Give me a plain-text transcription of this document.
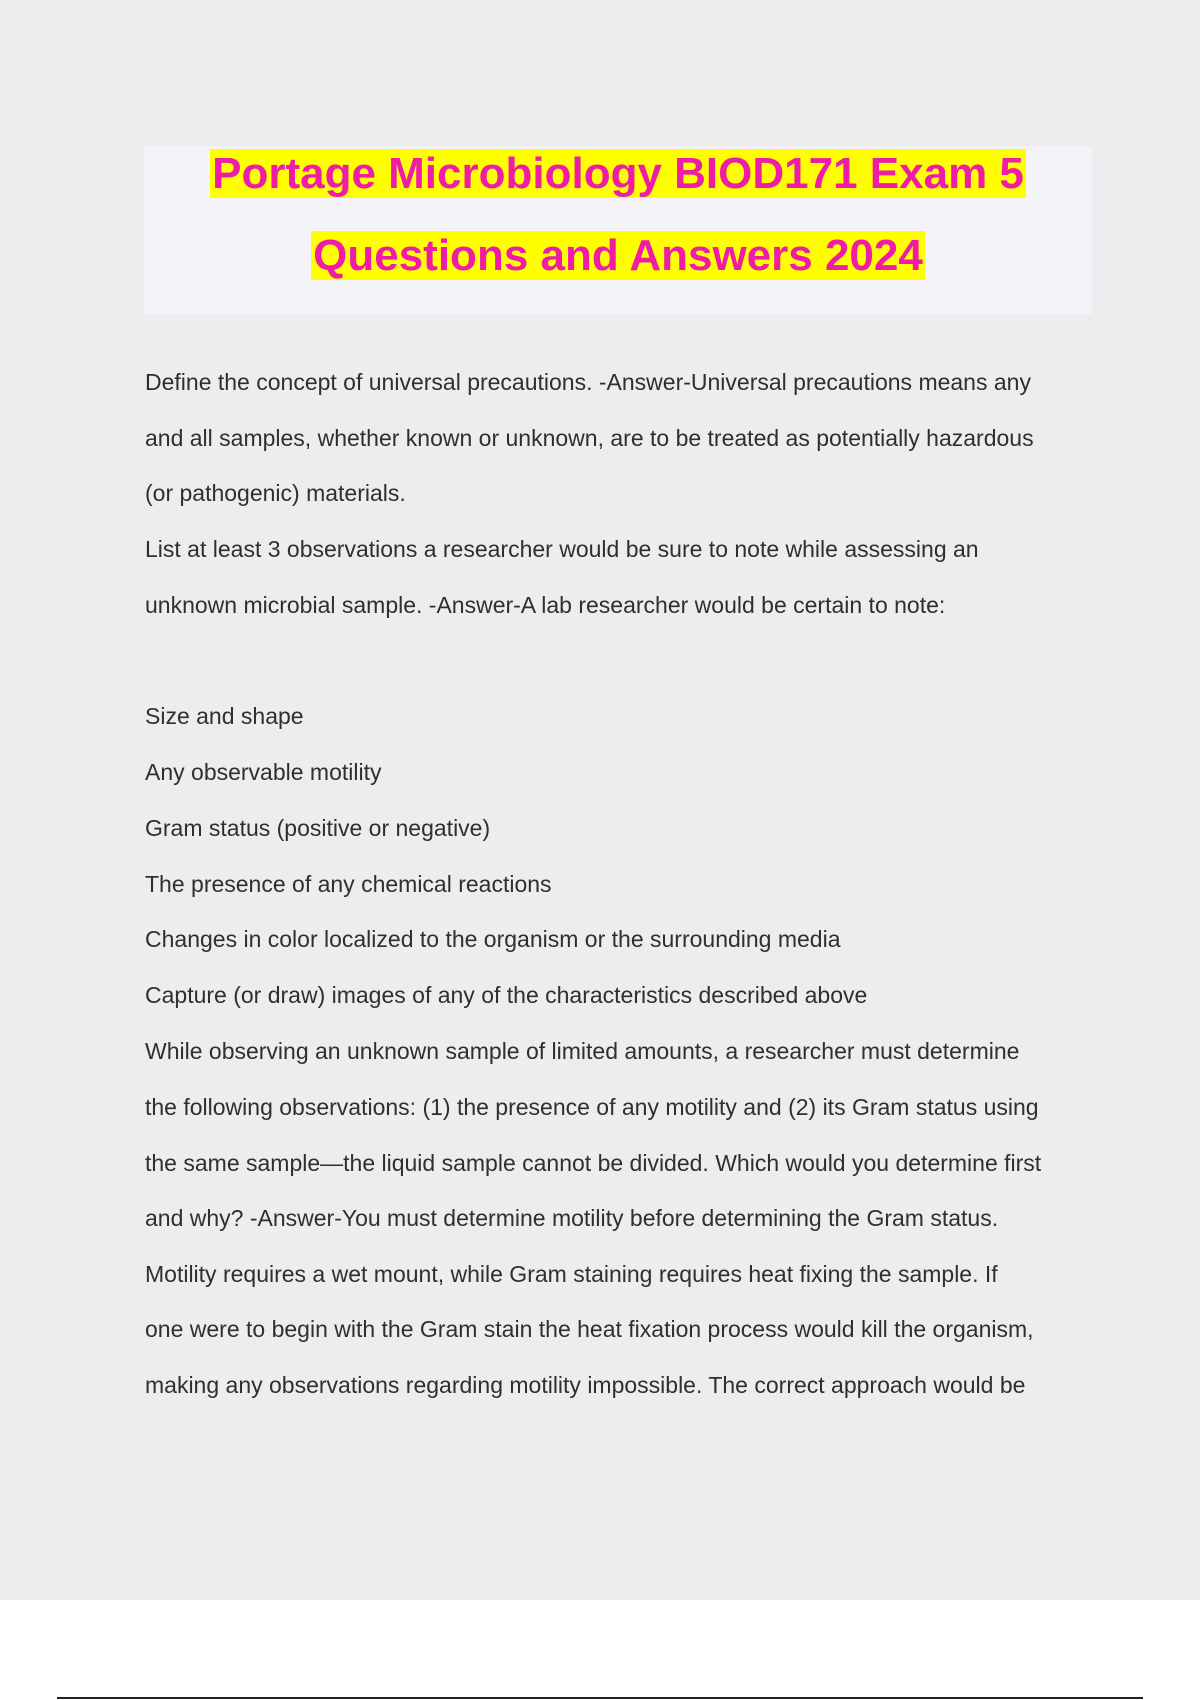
Portage Microbiology BIOD171 Exam 5
Questions and Answers 2024
Define the concept of universal precautions. -Answer-Universal precautions means any
and all samples, whether known or unknown, are to be treated as potentially hazardous
(or pathogenic) materials.
List at least 3 observations a researcher would be sure to note while assessing an
unknown microbial sample. -Answer-A lab researcher would be certain to note:
Size and shape
Any observable motility
Gram status (positive or negative)
The presence of any chemical reactions
Changes in color localized to the organism or the surrounding media
Capture (or draw) images of any of the characteristics described above
While observing an unknown sample of limited amounts, a researcher must determine
the following observations: (1) the presence of any motility and (2) its Gram status using
the same sample—the liquid sample cannot be divided. Which would you determine first
and why? -Answer-You must determine motility before determining the Gram status.
Motility requires a wet mount, while Gram staining requires heat fixing the sample. If
one were to begin with the Gram stain the heat fixation process would kill the organism,
making any observations regarding motility impossible. The correct approach would be
